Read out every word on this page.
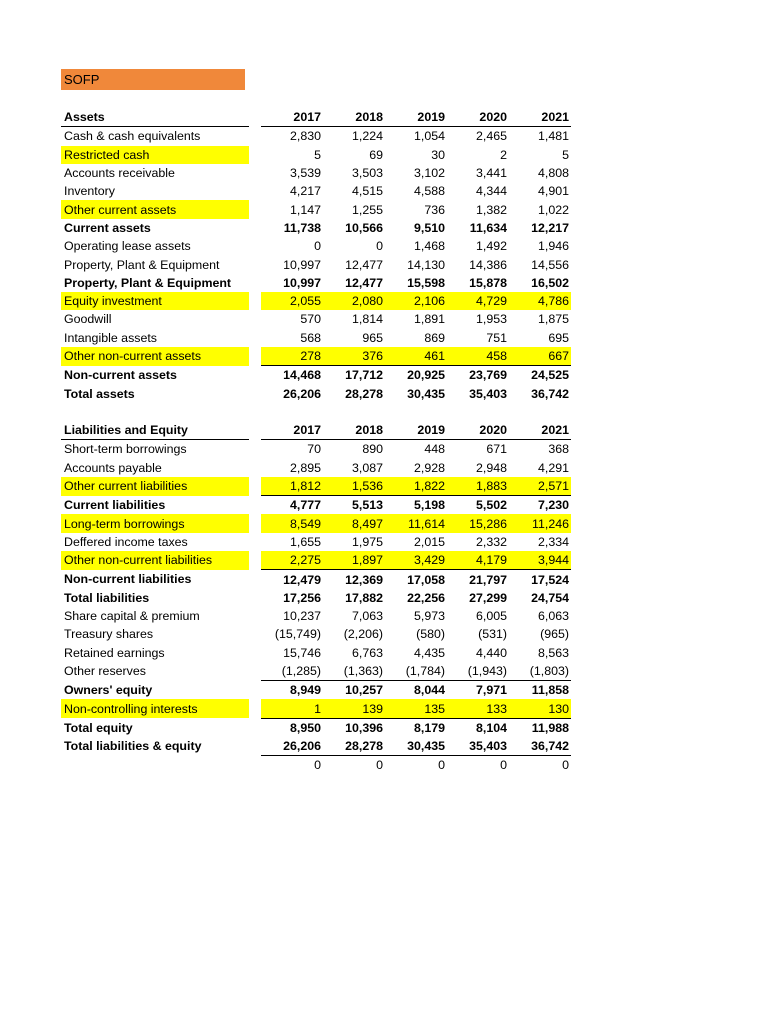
SOFP
Assets		2017	2018	2019	2020	2021
Cash & cash equivalents		2,830	1,224	1,054	2,465	1,481
Restricted cash		5	69	30	2	5
Accounts receivable		3,539	3,503	3,102	3,441	4,808
Inventory		4,217	4,515	4,588	4,344	4,901
Other current assets		1,147	1,255	736	1,382	1,022
Current assets		11,738	10,566	9,510	11,634	12,217
Operating lease assets		0	0	1,468	1,492	1,946
Property, Plant & Equipment		10,997	12,477	14,130	14,386	14,556
Property, Plant & Equipment		10,997	12,477	15,598	15,878	16,502
Equity investment		2,055	2,080	2,106	4,729	4,786
Goodwill		570	1,814	1,891	1,953	1,875
Intangible assets		568	965	869	751	695
Other non-current assets		278	376	461	458	667
Non-current assets		14,468	17,712	20,925	23,769	24,525
Total assets		26,206	28,278	30,435	35,403	36,742
Liabilities and Equity		2017	2018	2019	2020	2021
Short-term borrowings		70	890	448	671	368
Accounts payable		2,895	3,087	2,928	2,948	4,291
Other current liabilities		1,812	1,536	1,822	1,883	2,571
Current liabilities		4,777	5,513	5,198	5,502	7,230
Long-term borrowings		8,549	8,497	11,614	15,286	11,246
Deffered income taxes		1,655	1,975	2,015	2,332	2,334
Other non-current liabilities		2,275	1,897	3,429	4,179	3,944
Non-current liabilities		12,479	12,369	17,058	21,797	17,524
Total liabilities		17,256	17,882	22,256	27,299	24,754
Share capital & premium		10,237	7,063	5,973	6,005	6,063
Treasury shares		(15,749)	(2,206)	(580)	(531)	(965)
Retained earnings		15,746	6,763	4,435	4,440	8,563
Other reserves		(1,285)	(1,363)	(1,784)	(1,943)	(1,803)
Owners' equity		8,949	10,257	8,044	7,971	11,858
Non-controlling interests		1	139	135	133	130
Total equity		8,950	10,396	8,179	8,104	11,988
Total liabilities & equity		26,206	28,278	30,435	35,403	36,742
		0	0	0	0	0
